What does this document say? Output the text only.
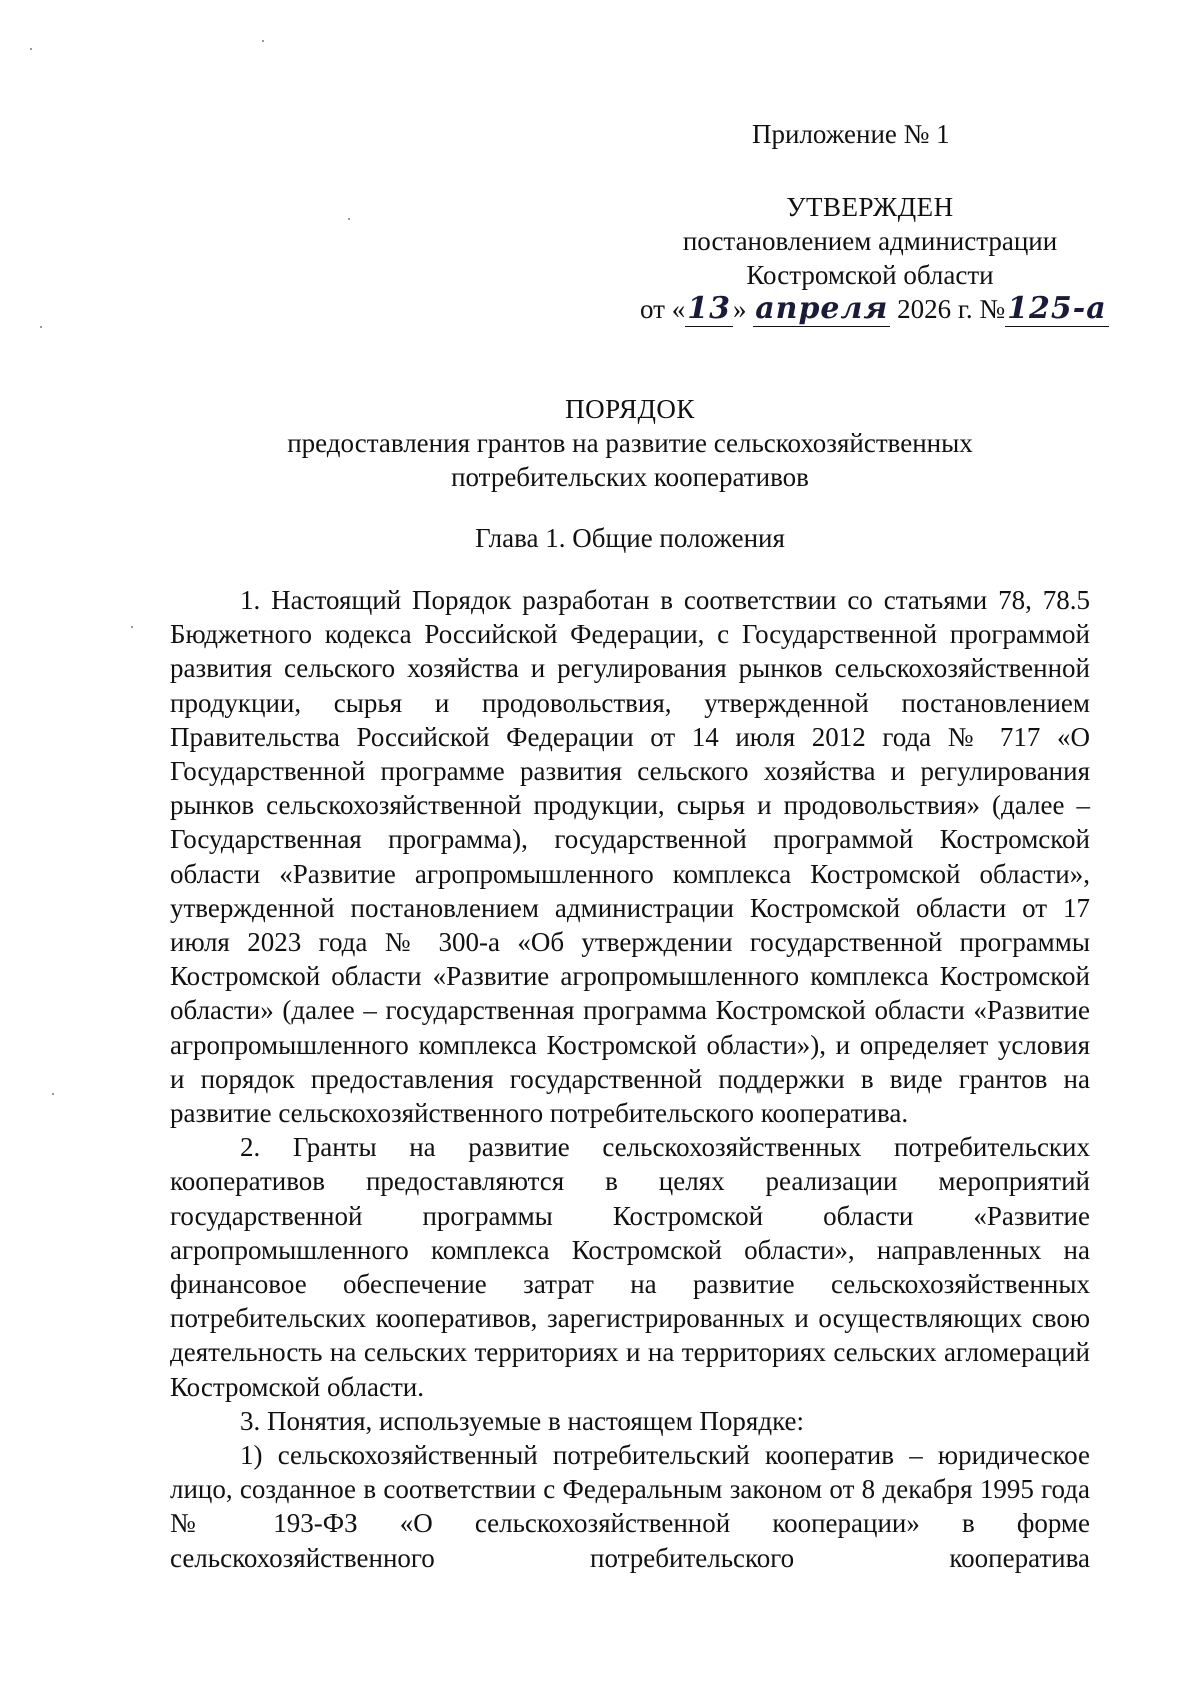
Приложение № 1
УТВЕРЖДЕН
постановлением администрации
Костромской области
от «13» апреля 2026 г. №125-а
ПОРЯДОК
предоставления грантов на развитие сельскохозяйственных
потребительских кооперативов
Глава 1. Общие положения

1. Настоящий Порядок разработан в соответствии со статьями 78, 78.5 Бюджетного кодекса Российской Федерации, с Государственной программой развития сельского хозяйства и регулирования рынков сельскохозяйственной продукции, сырья и продовольствия, утвержденной постановлением Правительства Российской Федерации от 14 июля 2012 года № 717 «О Государственной программе развития сельского хозяйства и регулирования рынков сельскохозяйственной продукции, сырья и продовольствия» (далее – Государственная программа), государственной программой Костромской области «Развитие агропромышленного комплекса Костромской области», утвержденной постановлением администрации Костромской области от 17 июля 2023 года № 300-а «Об утверждении государственной программы Костромской области «Развитие агропромышленного комплекса Костромской области» (далее – государственная программа Костромской области «Развитие агропромышленного комплекса Костромской области»), и определяет условия и порядок предоставления государственной поддержки в виде грантов на развитие сельскохозяйственного потребительского кооператива.

2. Гранты на развитие сельскохозяйственных потребительских кооперативов предоставляются в целях реализации мероприятий государственной программы Костромской области «Развитие агропромышленного комплекса Костромской области», направленных на финансовое обеспечение затрат на развитие сельскохозяйственных потребительских кооперативов, зарегистрированных и осуществляющих свою деятельность на сельских территориях и на территориях сельских агломераций Костромской области.

3. Понятия, используемые в настоящем Порядке:

1) сельскохозяйственный потребительский кооператив – юридическое лицо, созданное в соответствии с Федеральным законом от 8 декабря 1995 года № 193-ФЗ «О сельскохозяйственной кооперации» в форме сельскохозяйственного потребительского кооператива
